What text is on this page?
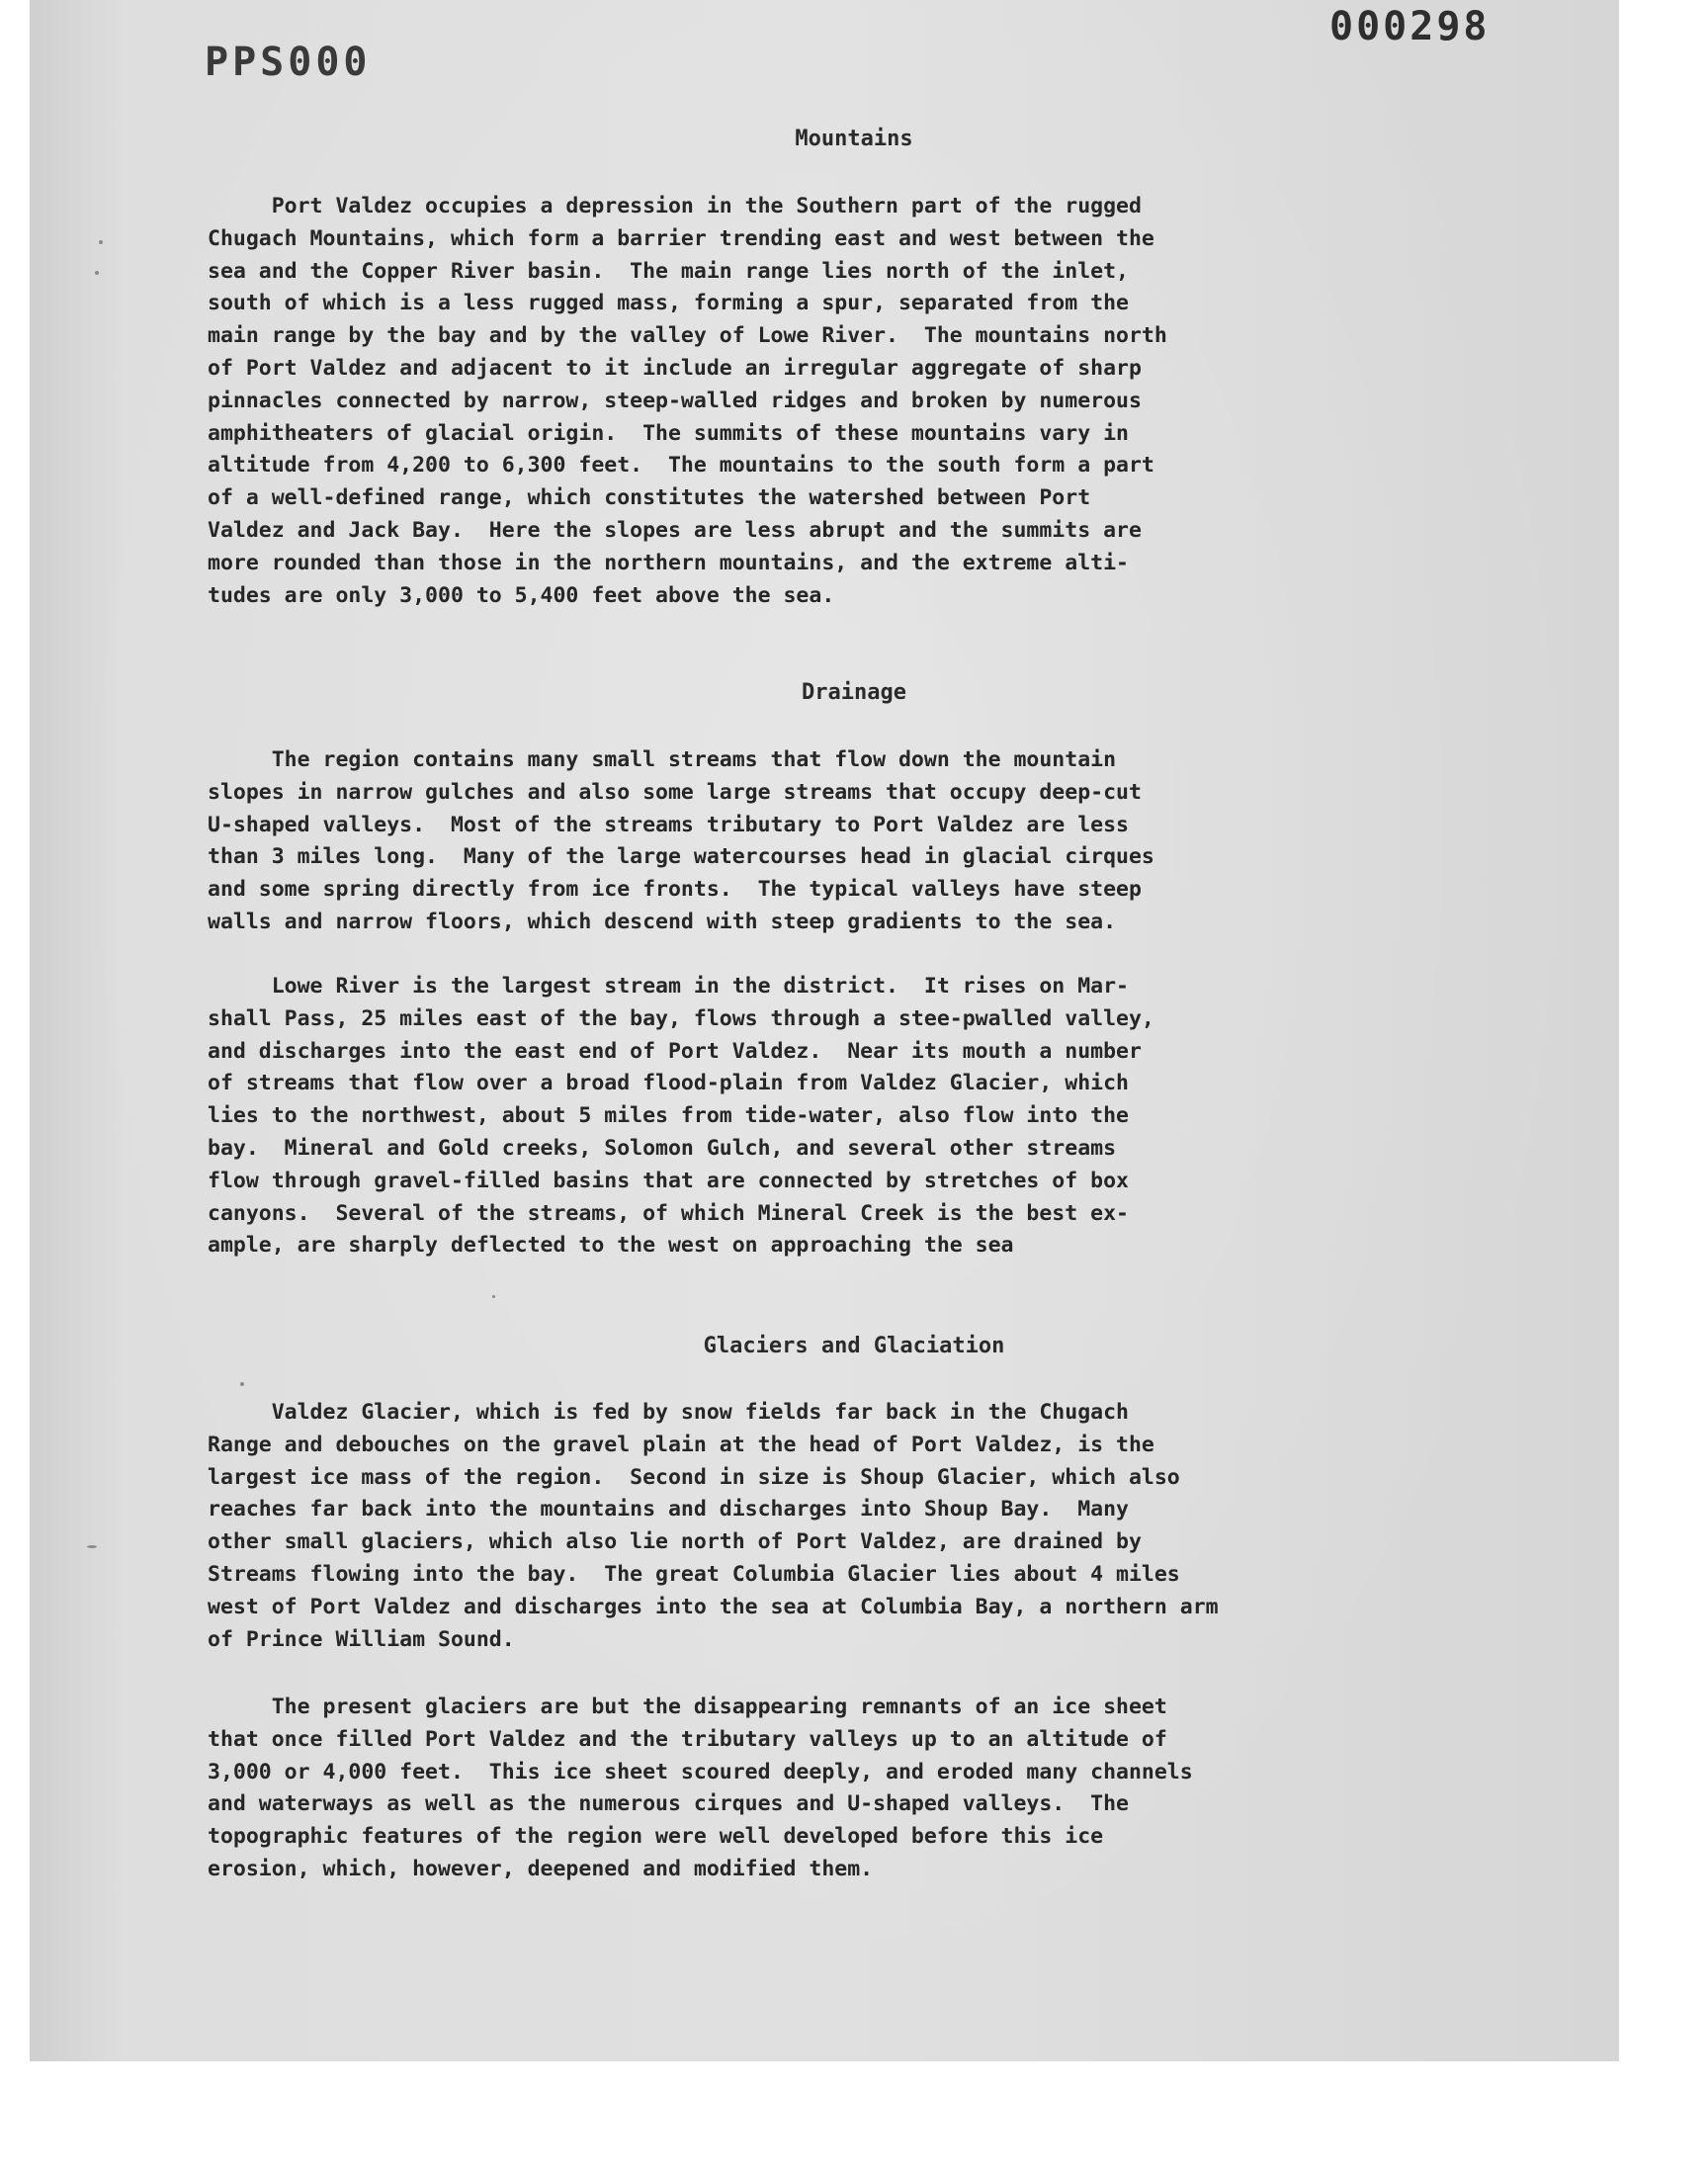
PPS000
000298
Mountains

Port Valdez occupies a depression in the Southern part of the rugged
Chugach Mountains, which form a barrier trending east and west between the
sea and the Copper River basin.  The main range lies north of the inlet,
south of which is a less rugged mass, forming a spur, separated from the
main range by the bay and by the valley of Lowe River.  The mountains north
of Port Valdez and adjacent to it include an irregular aggregate of sharp
pinnacles connected by narrow, steep-walled ridges and broken by numerous
amphitheaters of glacial origin.  The summits of these mountains vary in
altitude from 4,200 to 6,300 feet.  The mountains to the south form a part
of a well-defined range, which constitutes the watershed between Port
Valdez and Jack Bay.  Here the slopes are less abrupt and the summits are
more rounded than those in the northern mountains, and the extreme alti-
tudes are only 3,000 to 5,400 feet above the sea.

Drainage

The region contains many small streams that flow down the mountain
slopes in narrow gulches and also some large streams that occupy deep-cut
U-shaped valleys.  Most of the streams tributary to Port Valdez are less
than 3 miles long.  Many of the large watercourses head in glacial cirques
and some spring directly from ice fronts.  The typical valleys have steep
walls and narrow floors, which descend with steep gradients to the sea.

Lowe River is the largest stream in the district.  It rises on Mar-
shall Pass, 25 miles east of the bay, flows through a stee-pwalled valley,
and discharges into the east end of Port Valdez.  Near its mouth a number
of streams that flow over a broad flood-plain from Valdez Glacier, which
lies to the northwest, about 5 miles from tide-water, also flow into the
bay.  Mineral and Gold creeks, Solomon Gulch, and several other streams
flow through gravel-filled basins that are connected by stretches of box
canyons.  Several of the streams, of which Mineral Creek is the best ex-
ample, are sharply deflected to the west on approaching the sea

Glaciers and Glaciation

Valdez Glacier, which is fed by snow fields far back in the Chugach
Range and debouches on the gravel plain at the head of Port Valdez, is the
largest ice mass of the region.  Second in size is Shoup Glacier, which also
reaches far back into the mountains and discharges into Shoup Bay.  Many
other small glaciers, which also lie north of Port Valdez, are drained by
Streams flowing into the bay.  The great Columbia Glacier lies about 4 miles
west of Port Valdez and discharges into the sea at Columbia Bay, a northern arm
of Prince William Sound.

The present glaciers are but the disappearing remnants of an ice sheet
that once filled Port Valdez and the tributary valleys up to an altitude of
3,000 or 4,000 feet.  This ice sheet scoured deeply, and eroded many channels
and waterways as well as the numerous cirques and U-shaped valleys.  The
topographic features of the region were well developed before this ice
erosion, which, however, deepened and modified them.
